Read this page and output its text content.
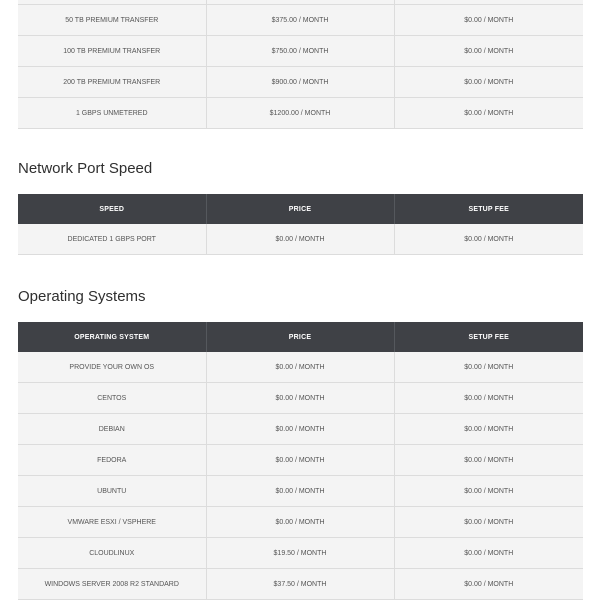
50 TB PREMIUM TRANSFER	$375.00 / MONTH	$0.00 / MONTH
100 TB PREMIUM TRANSFER	$750.00 / MONTH	$0.00 / MONTH
200 TB PREMIUM TRANSFER	$900.00 / MONTH	$0.00 / MONTH
1 GBPS UNMETERED	$1200.00 / MONTH	$0.00 / MONTH
Network Port Speed
SPEED	PRICE	SETUP FEE
DEDICATED 1 GBPS PORT	$0.00 / MONTH	$0.00 / MONTH
Operating Systems
OPERATING SYSTEM	PRICE	SETUP FEE
PROVIDE YOUR OWN OS	$0.00 / MONTH	$0.00 / MONTH
CENTOS	$0.00 / MONTH	$0.00 / MONTH
DEBIAN	$0.00 / MONTH	$0.00 / MONTH
FEDORA	$0.00 / MONTH	$0.00 / MONTH
UBUNTU	$0.00 / MONTH	$0.00 / MONTH
VMWARE ESXI / VSPHERE	$0.00 / MONTH	$0.00 / MONTH
CLOUDLINUX	$19.50 / MONTH	$0.00 / MONTH
WINDOWS SERVER 2008 R2 STANDARD	$37.50 / MONTH	$0.00 / MONTH
